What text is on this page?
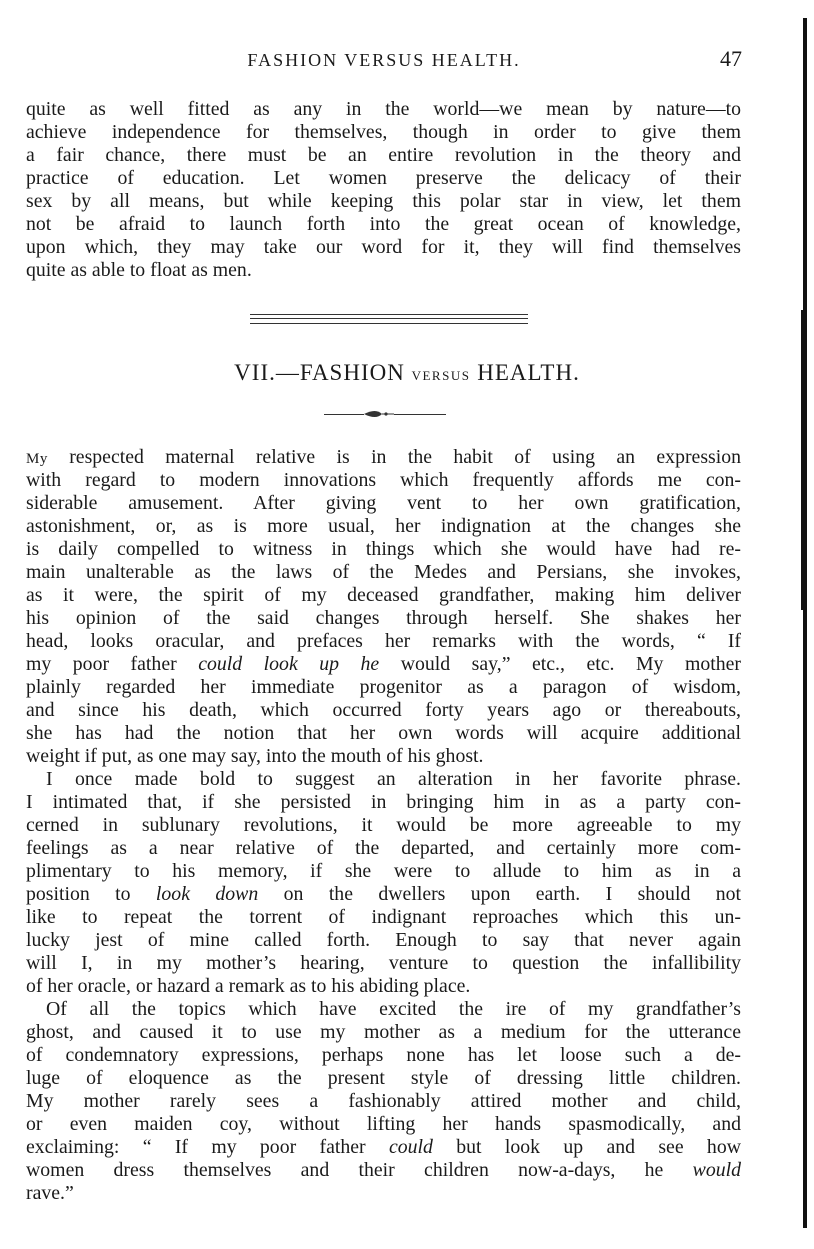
FASHION VERSUS HEALTH.	47
quite as well fitted as any in the world—we mean by nature—to
achieve independence for themselves, though in order to give them
a fair chance, there must be an entire revolution in the theory and
practice of education. Let women preserve the delicacy of their
sex by all means, but while keeping this polar star in view, let them
not be afraid to launch forth into the great ocean of knowledge,
upon which, they may take our word for it, they will find themselves
quite as able to float as men.
VII.—FASHION VERSUS HEALTH.
My respected maternal relative is in the habit of using an expression
with regard to modern innovations which frequently affords me con-
siderable amusement. After giving vent to her own gratification,
astonishment, or, as is more usual, her indignation at the changes she
is daily compelled to witness in things which she would have had re-
main unalterable as the laws of the Medes and Persians, she invokes,
as it were, the spirit of my deceased grandfather, making him deliver
his opinion of the said changes through herself. She shakes her
head, looks oracular, and prefaces her remarks with the words, “ If
my poor father could look up he would say,” etc., etc. My mother
plainly regarded her immediate progenitor as a paragon of wisdom,
and since his death, which occurred forty years ago or thereabouts,
she has had the notion that her own words will acquire additional
weight if put, as one may say, into the mouth of his ghost.
I once made bold to suggest an alteration in her favorite phrase.
I intimated that, if she persisted in bringing him in as a party con-
cerned in sublunary revolutions, it would be more agreeable to my
feelings as a near relative of the departed, and certainly more com-
plimentary to his memory, if she were to allude to him as in a
position to look down on the dwellers upon earth. I should not
like to repeat the torrent of indignant reproaches which this un-
lucky jest of mine called forth. Enough to say that never again
will I, in my mother’s hearing, venture to question the infallibility
of her oracle, or hazard a remark as to his abiding place.
Of all the topics which have excited the ire of my grandfather’s
ghost, and caused it to use my mother as a medium for the utterance
of condemnatory expressions, perhaps none has let loose such a de-
luge of eloquence as the present style of dressing little children.
My mother rarely sees a fashionably attired mother and child,
or even maiden coy, without lifting her hands spasmodically, and
exclaiming: “ If my poor father could but look up and see how
women dress themselves and their children now-a-days, he would
rave.”
